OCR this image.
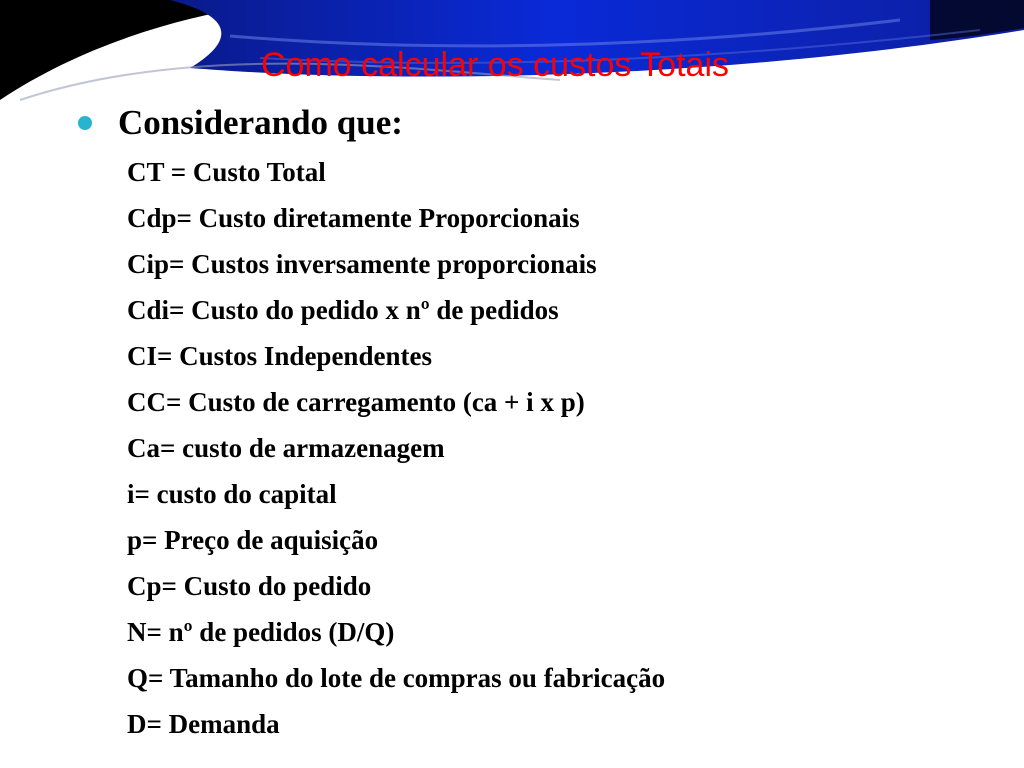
Como calcular os custos Totais
Considerando que:
CT = Custo Total
Cdp= Custo diretamente Proporcionais
Cip= Custos inversamente proporcionais
Cdi= Custo do pedido x nº de pedidos
CI= Custos Independentes
CC= Custo de carregamento (ca + i x p)
Ca= custo de armazenagem
i= custo do capital
p= Preço de aquisição
Cp= Custo do pedido
N= nº de pedidos (D/Q)
Q= Tamanho do lote de compras ou fabricação
D= Demanda
